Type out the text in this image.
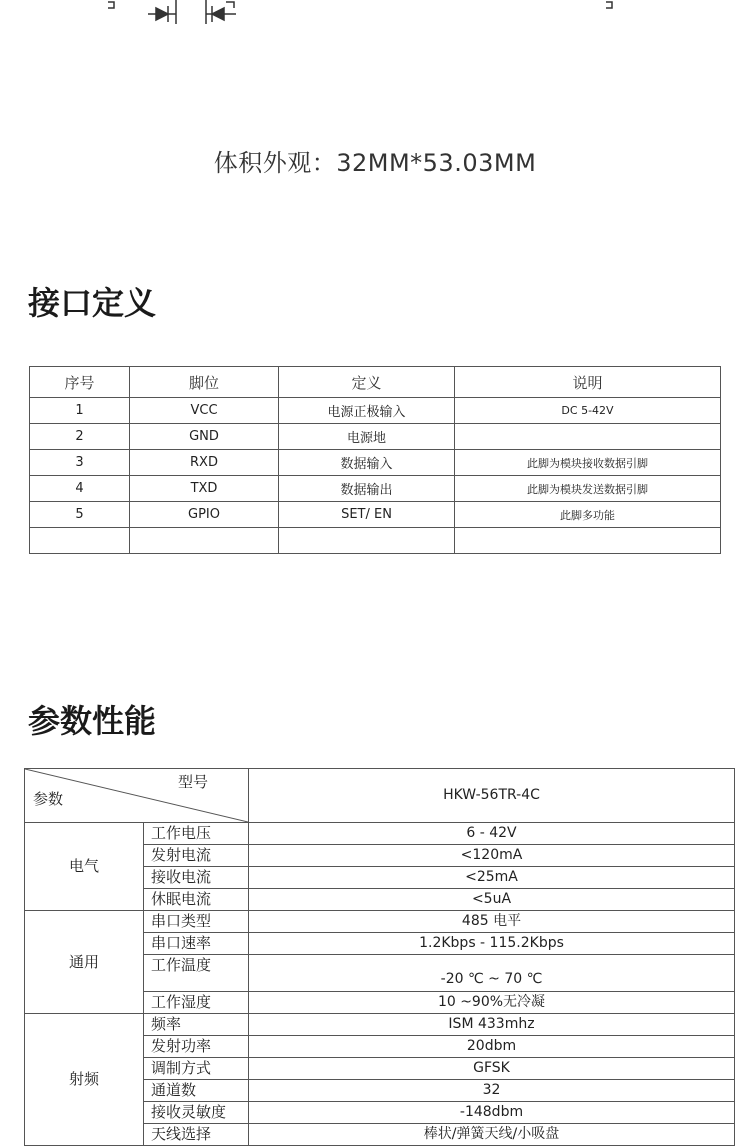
体积外观：32MM*53.03MM
接口定义
序号	脚位	定义	说明
1	VCC	电源正极输入	DC 5-42V
2	GND	电源地	
3	RXD	数据输入	此脚为模块接收数据引脚
4	TXD	数据输出	此脚为模块发送数据引脚
5	GPIO	SET/ EN	此脚多功能

参数性能
型号
参数		HKW-56TR-4C
电气	工作电压	6 - 42V
	发射电流	<120mA
	接收电流	<25mA
	休眠电流	<5uA
通用	串口类型	485 电平
	串口速率	1.2Kbps - 115.2Kbps
	工作温度	-20 ℃ ~ 70 ℃
	工作湿度	10 ~90%无冷凝
射频	频率	ISM 433mhz
	发射功率	20dbm
	调制方式	GFSK
	通道数	32
	接收灵敏度	-148dbm
	天线选择	棒状/弹簧天线/小吸盘
